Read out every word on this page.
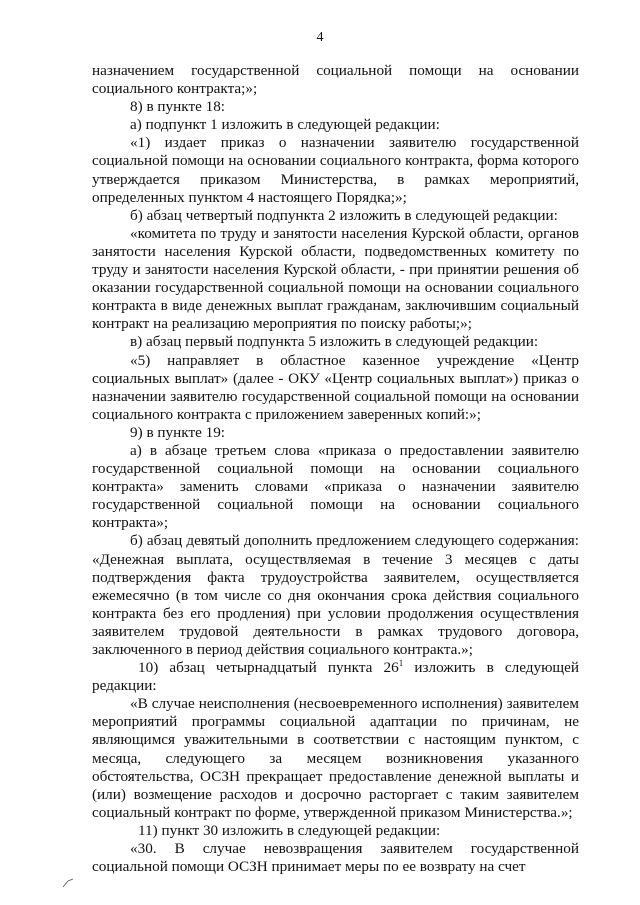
4

назначением государственной социальной помощи на основании социального контракта;»;

8) в пункте 18:

а) подпункт 1 изложить в следующей редакции:

«1) издает приказ о назначении заявителю государственной социальной помощи на основании социального контракта, форма которого утверждается приказом Министерства, в рамках мероприятий, определенных пунктом 4 настоящего Порядка;»;

б) абзац четвертый подпункта 2 изложить в следующей редакции:

«комитета по труду и занятости населения Курской области, органов занятости населения Курской области, подведомственных комитету по труду и занятости населения Курской области, - при принятии решения об оказании государственной социальной помощи на основании социального контракта в виде денежных выплат гражданам, заключившим социальный контракт на реализацию мероприятия по поиску работы;»;

в) абзац первый подпункта 5 изложить в следующей редакции:

«5) направляет в областное казенное учреждение «Центр социальных выплат» (далее - ОКУ «Центр социальных выплат») приказ о назначении заявителю государственной социальной помощи на основании социального контракта с приложением заверенных копий:»;

9) в пункте 19:

а) в абзаце третьем слова «приказа о предоставлении заявителю государственной социальной помощи на основании социального контракта» заменить словами «приказа о назначении заявителю государственной социальной помощи на основании социального контракта»;

б) абзац девятый дополнить предложением следующего содержания: «Денежная выплата, осуществляемая в течение 3 месяцев с даты подтверждения факта трудоустройства заявителем, осуществляется ежемесячно (в том числе со дня окончания срока действия социального контракта без его продления) при условии продолжения осуществления заявителем трудовой деятельности в рамках трудового договора, заключенного в период действия социального контракта.»;

10) абзац четырнадцатый пункта $26^1$ изложить в следующей редакции:

«В случае неисполнения (несвоевременного исполнения) заявителем мероприятий программы социальной адаптации по причинам, не являющимся уважительными в соответствии с настоящим пунктом, с месяца, следующего за месяцем возникновения указанного обстоятельства, ОСЗН прекращает предоставление денежной выплаты и (или) возмещение расходов и досрочно расторгает с таким заявителем социальный контракт по форме, утвержденной приказом Министерства.»;

11) пункт 30 изложить в следующей редакции:

«30. В случае невозвращения заявителем государственной социальной помощи ОСЗН принимает меры по ее возврату на счет
